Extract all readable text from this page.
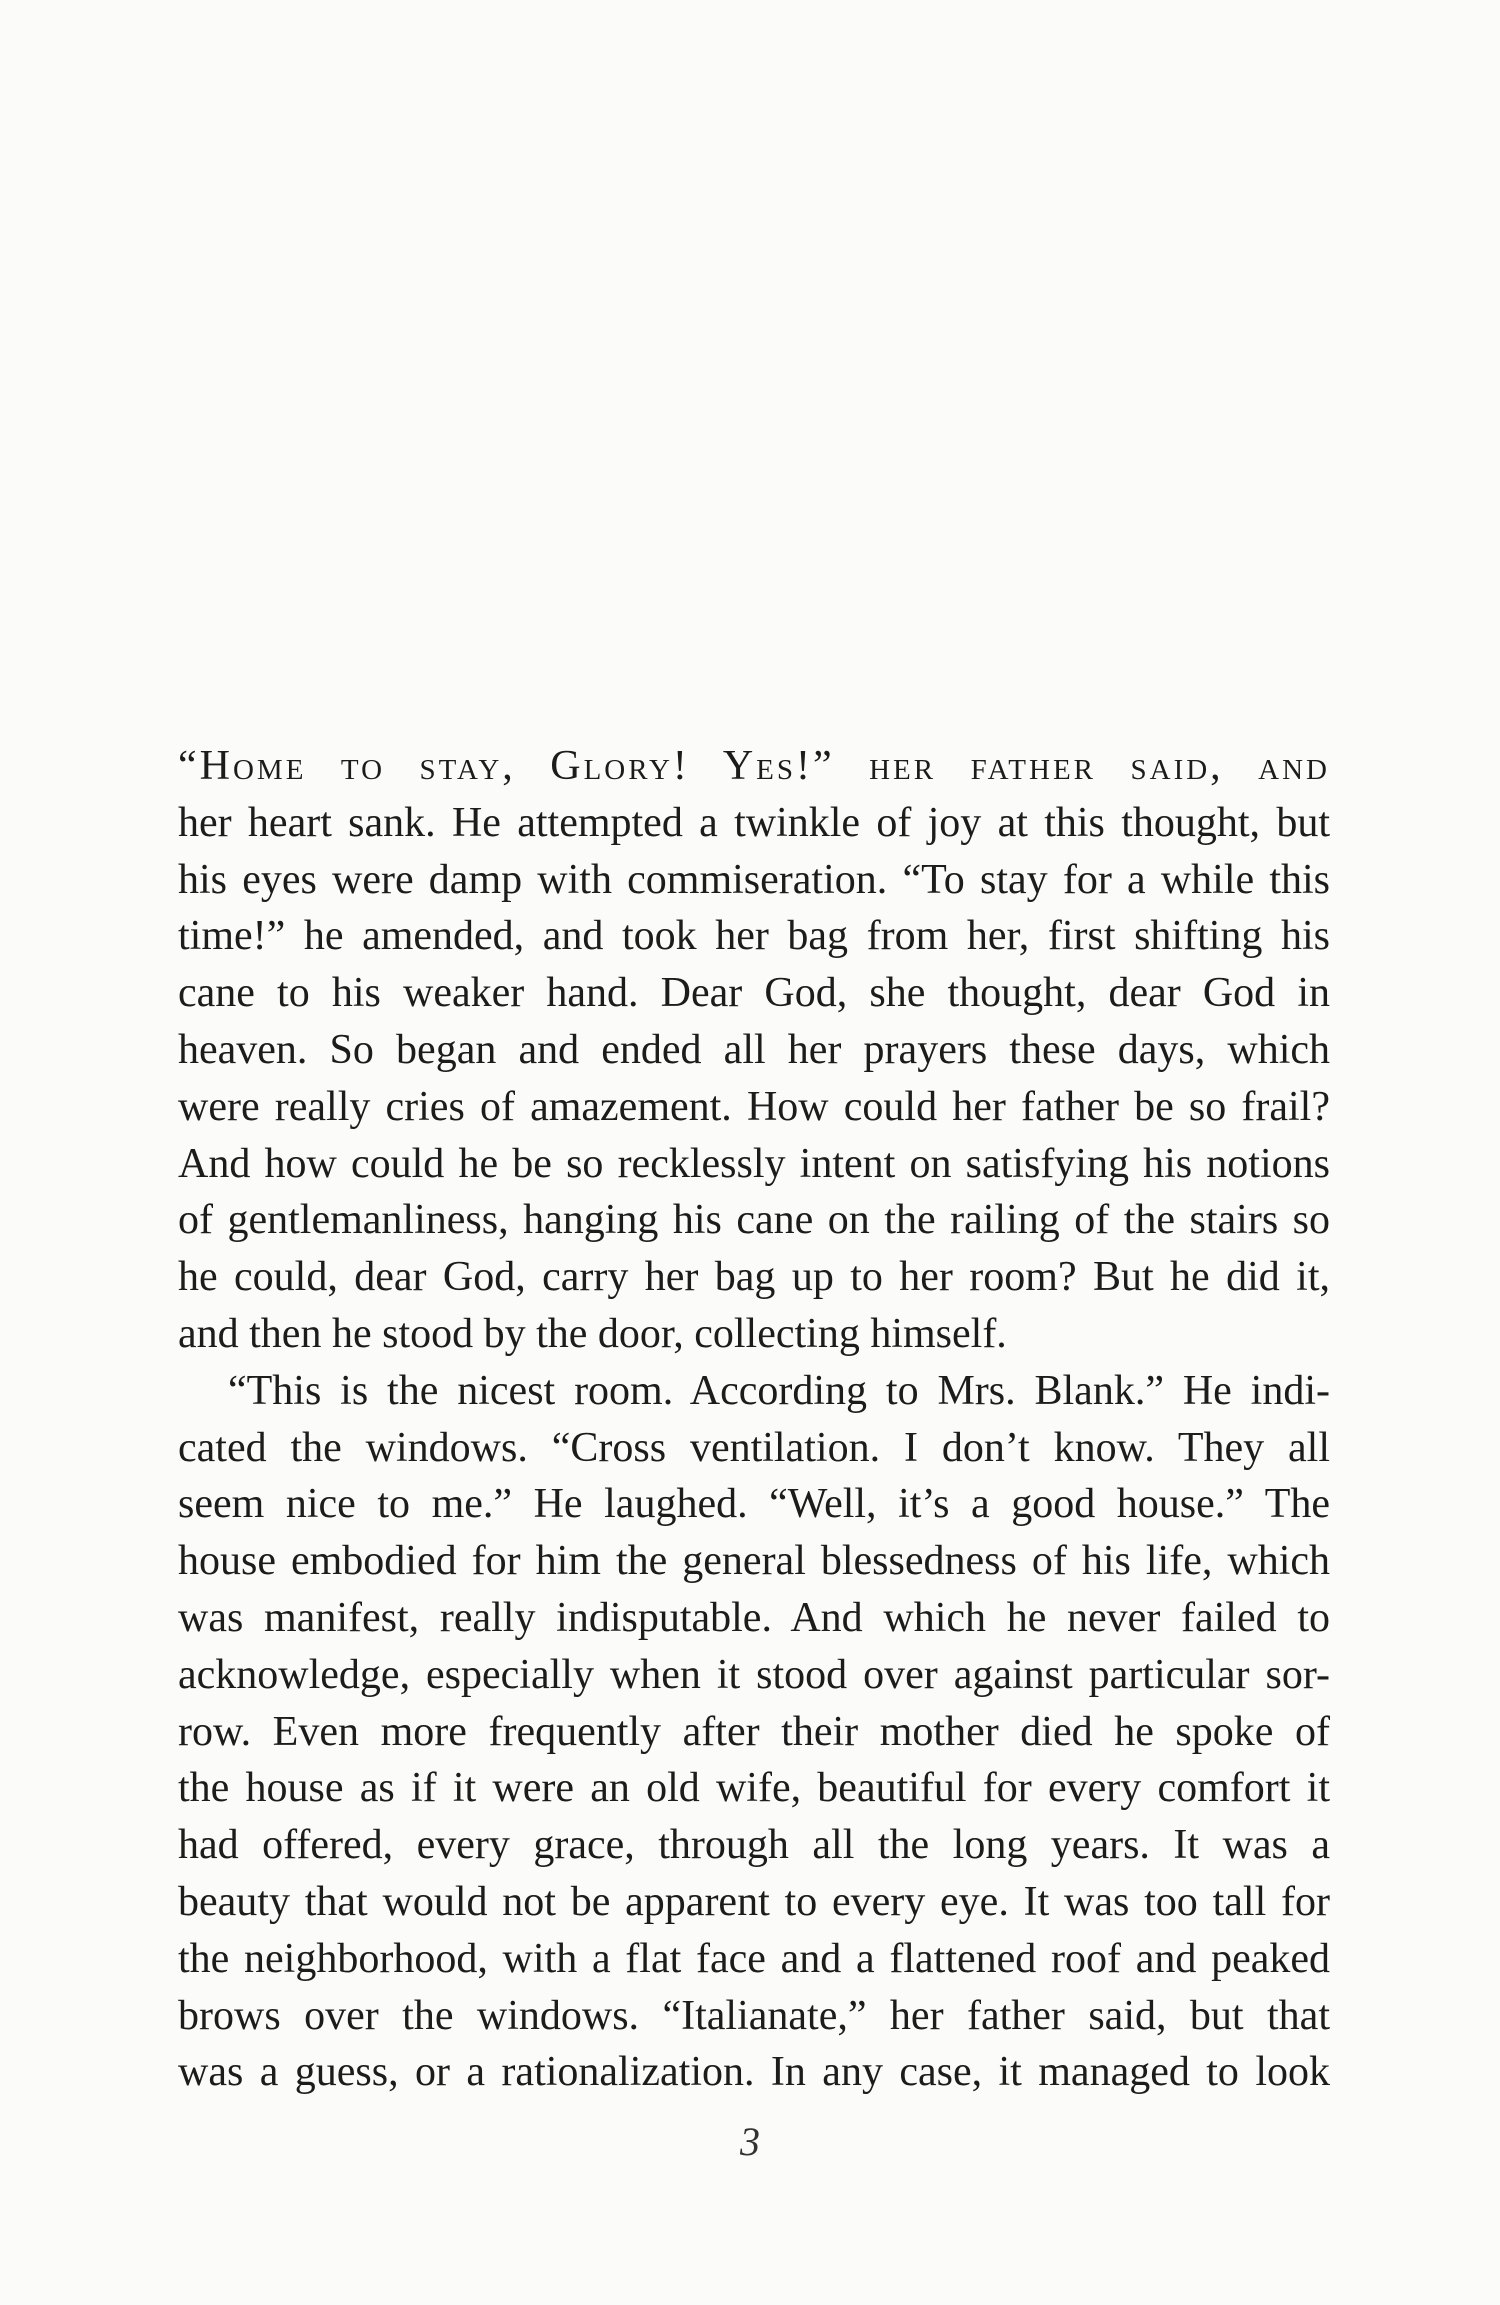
“Home to stay, Glory! Yes!” her father said, and
her heart sank. He attempted a twinkle of joy at this thought, but
his eyes were damp with commiseration. “To stay for a while this
time!” he amended, and took her bag from her, first shifting his
cane to his weaker hand. Dear God, she thought, dear God in
heaven. So began and ended all her prayers these days, which
were really cries of amazement. How could her father be so frail?
And how could he be so recklessly intent on satisfying his notions
of gentlemanliness, hanging his cane on the railing of the stairs so
he could, dear God, carry her bag up to her room? But he did it,
and then he stood by the door, collecting himself.
“This is the nicest room. According to Mrs. Blank.” He indi-
cated the windows. “Cross ventilation. I don’t know. They all
seem nice to me.” He laughed. “Well, it’s a good house.” The
house embodied for him the general blessedness of his life, which
was manifest, really indisputable. And which he never failed to
acknowledge, especially when it stood over against particular sor-
row. Even more frequently after their mother died he spoke of
the house as if it were an old wife, beautiful for every comfort it
had offered, every grace, through all the long years. It was a
beauty that would not be apparent to every eye. It was too tall for
the neighborhood, with a flat face and a flattened roof and peaked
brows over the windows. “Italianate,” her father said, but that
was a guess, or a rationalization. In any case, it managed to look
3
